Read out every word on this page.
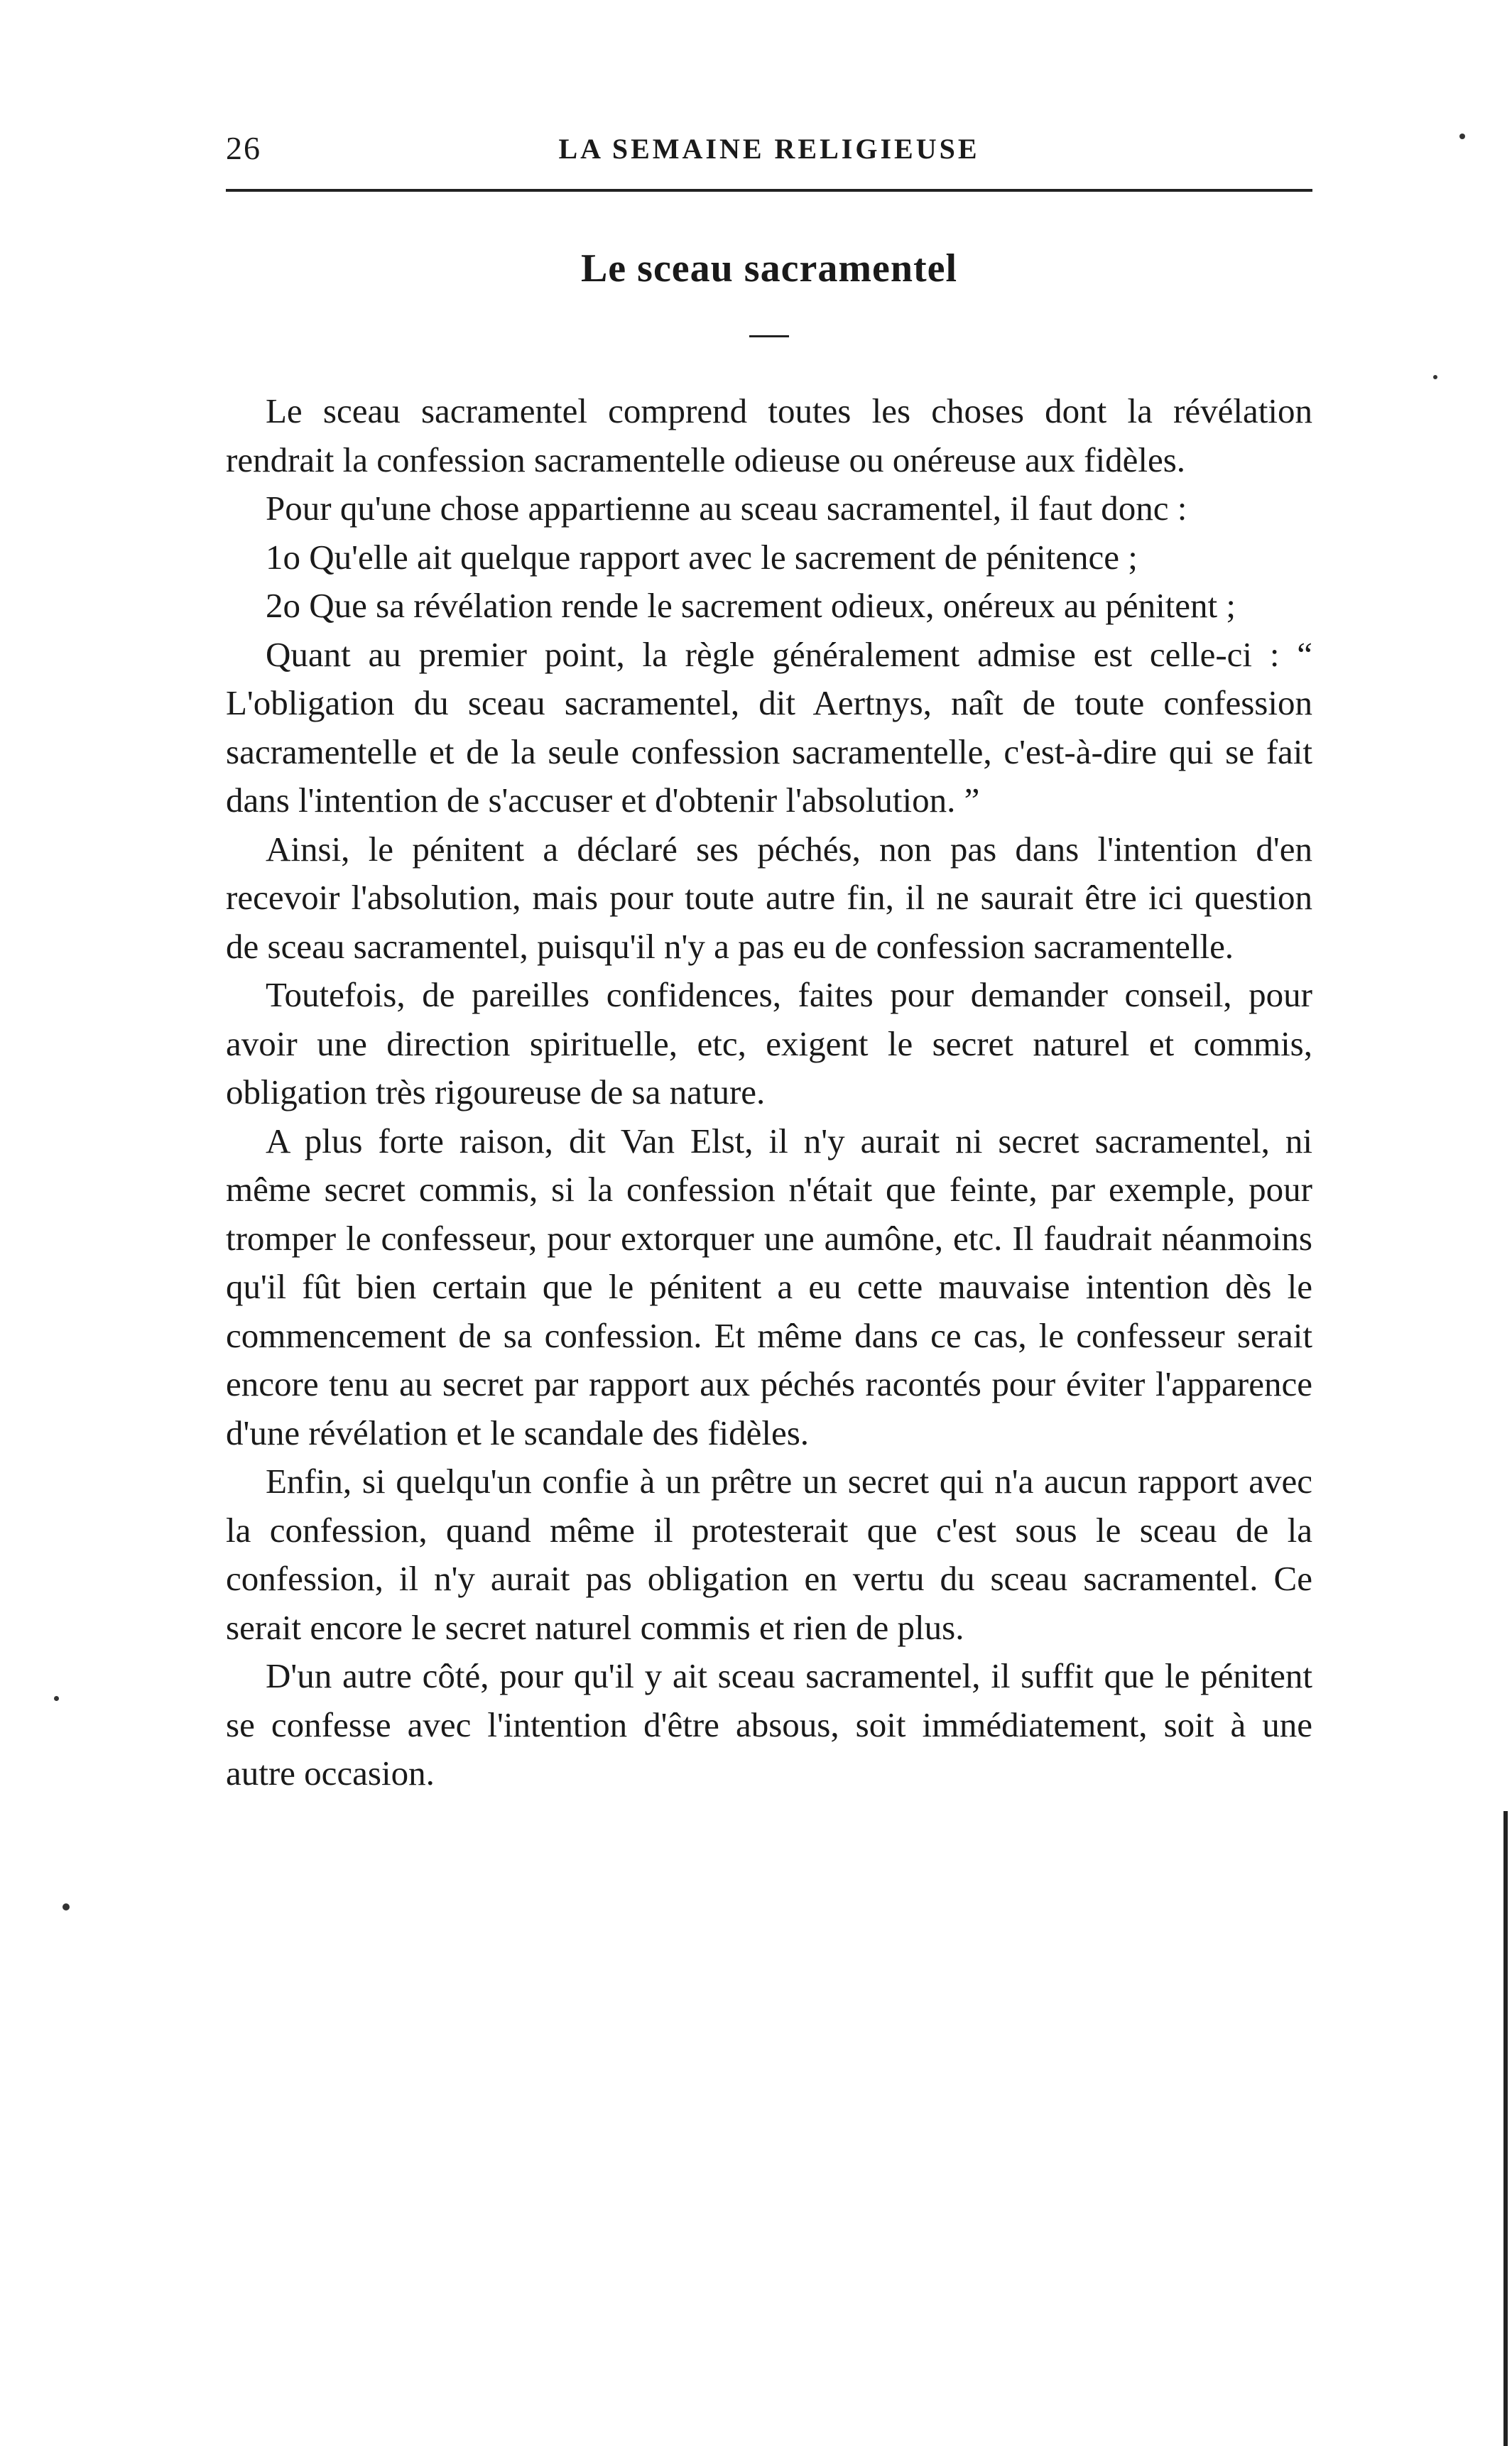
26	LA SEMAINE RELIGIEUSE
Le sceau sacramentel

Le sceau sacramentel comprend toutes les choses dont la révélation rendrait la confession sacramentelle odieuse ou onéreuse aux fidèles.

Pour qu'une chose appartienne au sceau sacramentel, il faut donc :

1o Qu'elle ait quelque rapport avec le sacrement de pénitence ;

2o Que sa révélation rende le sacrement odieux, onéreux au pénitent ;

Quant au premier point, la règle généralement admise est celle-ci : “ L'obligation du sceau sacramentel, dit Aertnys, naît de toute confession sacramentelle et de la seule confession sacramentelle, c'est-à-dire qui se fait dans l'intention de s'accuser et d'obtenir l'absolution. ”

Ainsi, le pénitent a déclaré ses péchés, non pas dans l'intention d'en recevoir l'absolution, mais pour toute autre fin, il ne saurait être ici question de sceau sacramentel, puisqu'il n'y a pas eu de confession sacramentelle.

Toutefois, de pareilles confidences, faites pour demander conseil, pour avoir une direction spirituelle, etc, exigent le secret naturel et commis, obligation très rigoureuse de sa nature.

A plus forte raison, dit Van Elst, il n'y aurait ni secret sacramentel, ni même secret commis, si la confession n'était que feinte, par exemple, pour tromper le confesseur, pour extorquer une aumône, etc. Il faudrait néanmoins qu'il fût bien certain que le pénitent a eu cette mauvaise intention dès le commencement de sa confession. Et même dans ce cas, le confesseur serait encore tenu au secret par rapport aux péchés racontés pour éviter l'apparence d'une révélation et le scandale des fidèles.

Enfin, si quelqu'un confie à un prêtre un secret qui n'a aucun rapport avec la confession, quand même il protesterait que c'est sous le sceau de la confession, il n'y aurait pas obligation en vertu du sceau sacramentel. Ce serait encore le secret naturel commis et rien de plus.

D'un autre côté, pour qu'il y ait sceau sacramentel, il suffit que le pénitent se confesse avec l'intention d'être absous, soit immédiatement, soit à une autre occasion.
